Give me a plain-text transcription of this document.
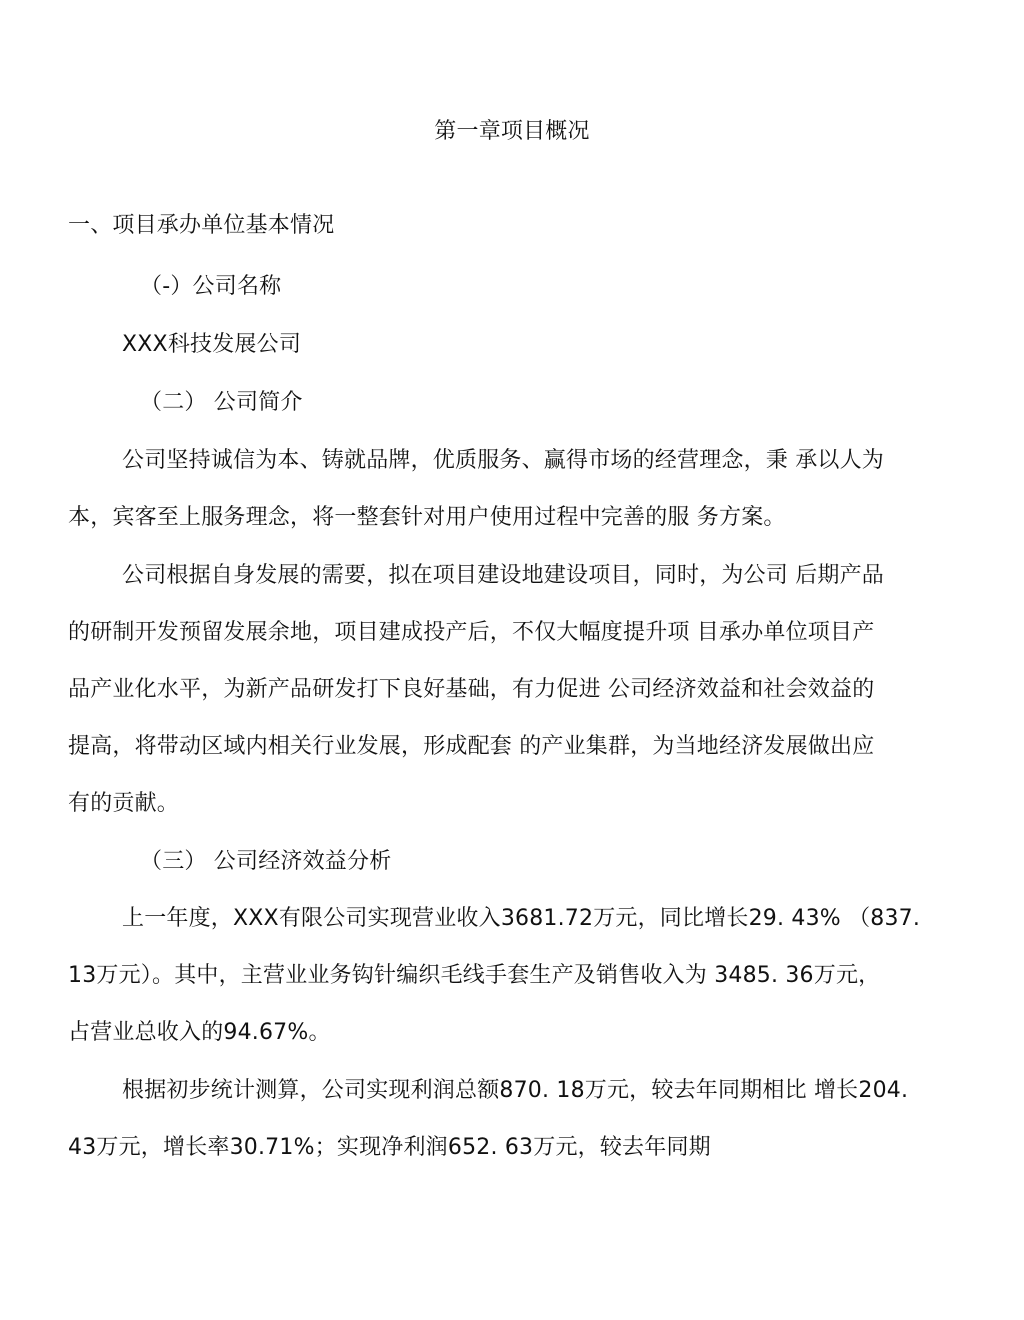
第一章项目概况
一、项目承办单位基本情况
（-）公司名称
XXX科技发展公司
（二） 公司简介
公司坚持诚信为本、铸就品牌，优质服务、赢得市场的经营理念，秉 承以人为
本，宾客至上服务理念，将一整套针对用户使用过程中完善的服 务方案。
公司根据自身发展的需要，拟在项目建设地建设项目，同时，为公司 后期产品
的研制开发预留发展余地，项目建成投产后，不仅大幅度提升项 目承办单位项目产
品产业化水平，为新产品研发打下良好基础，有力促进 公司经济效益和社会效益的
提高，将带动区域内相关行业发展，形成配套 的产业集群，为当地经济发展做出应
有的贡献。
（三） 公司经济效益分析
上一年度，XXX有限公司实现营业收入3681.72万元，同比增长29. 43% （837.
13万元）。其中，主营业业务钩针编织毛线手套生产及销售收入为 3485. 36万元，
占营业总收入的94.67%。
根据初步统计测算，公司实现利润总额870. 18万元，较去年同期相比 增长204.
43万元，增长率30.71%；实现净利润652. 63万元，较去年同期
